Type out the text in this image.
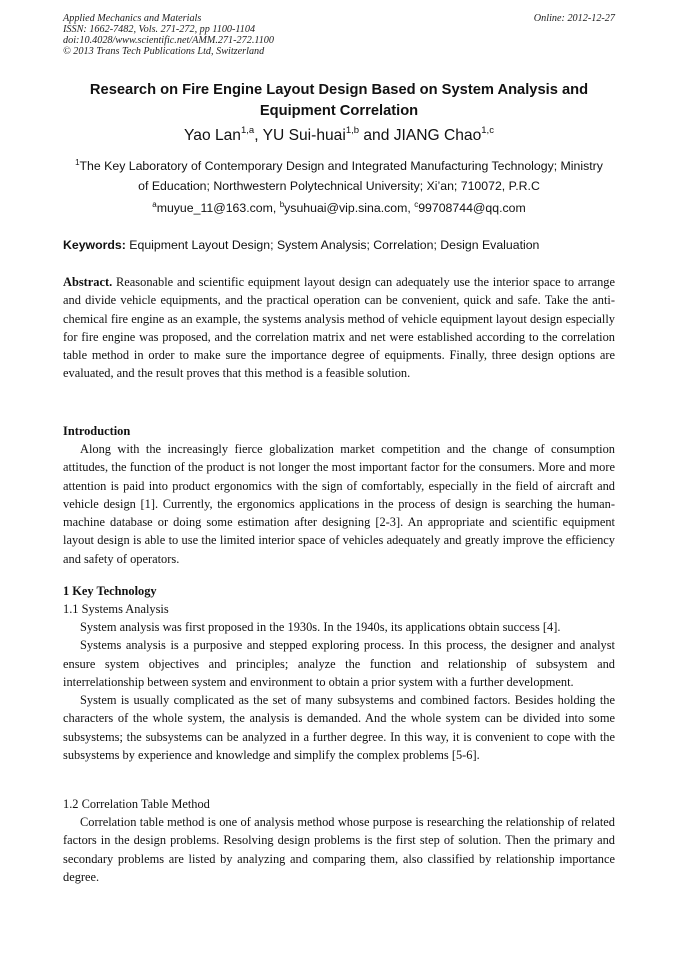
Applied Mechanics and Materials	Online: 2012-12-27
ISSN: 1662-7482, Vols. 271-272, pp 1100-1104
doi:10.4028/www.scientific.net/AMM.271-272.1100
© 2013 Trans Tech Publications Ltd, Switzerland
Research on Fire Engine Layout Design Based on System Analysis and
Equipment Correlation
Yao Lan$^{1,a}$, YU Sui-huai$^{1,b}$ and JIANG Chao$^{1,c}$
$^1$The Key Laboratory of Contemporary Design and Integrated Manufacturing Technology; Ministry
of Education; Northwestern Polytechnical University; Xi’an; 710072, P.R.C
$^a$muyue_11@163.com, $^b$ysuhuai@vip.sina.com, $^c$99708744@qq.com
Keywords: Equipment Layout Design; System Analysis; Correlation; Design Evaluation

Abstract. Reasonable and scientific equipment layout design can adequately use the interior space to arrange and divide vehicle equipments, and the practical operation can be convenient, quick and safe. Take the anti-chemical fire engine as an example, the systems analysis method of vehicle equipment layout design especially for fire engine was proposed, and the correlation matrix and net were established according to the correlation table method in order to make sure the importance degree of equipments. Finally, three design options are evaluated, and the result proves that this method is a feasible solution.

Introduction

Along with the increasingly fierce globalization market competition and the change of consumption attitudes, the function of the product is not longer the most important factor for the consumers. More and more attention is paid into product ergonomics with the sign of comfortably, especially in the field of aircraft and vehicle design [1]. Currently, the ergonomics applications in the process of design is searching the human-machine database or doing some estimation after designing [2-3]. An appropriate and scientific equipment layout design is able to use the limited interior space of vehicles adequately and greatly improve the efficiency and safety of operators.

1 Key Technology
1.1 Systems Analysis

System analysis was first proposed in the 1930s. In the 1940s, its applications obtain success [4].

Systems analysis is a purposive and stepped exploring process. In this process, the designer and analyst ensure system objectives and principles; analyze the function and relationship of subsystem and interrelationship between system and environment to obtain a prior system with a further development.

System is usually complicated as the set of many subsystems and combined factors. Besides holding the characters of the whole system, the analysis is demanded. And the whole system can be divided into some subsystems; the subsystems can be analyzed in a further degree. In this way, it is convenient to cope with the subsystems by experience and knowledge and simplify the complex problems [5-6].

1.2 Correlation Table Method

Correlation table method is one of analysis method whose purpose is researching the relationship of related factors in the design problems. Resolving design problems is the first step of solution. Then the primary and secondary problems are listed by analyzing and comparing them, also classified by relationship importance degree.
